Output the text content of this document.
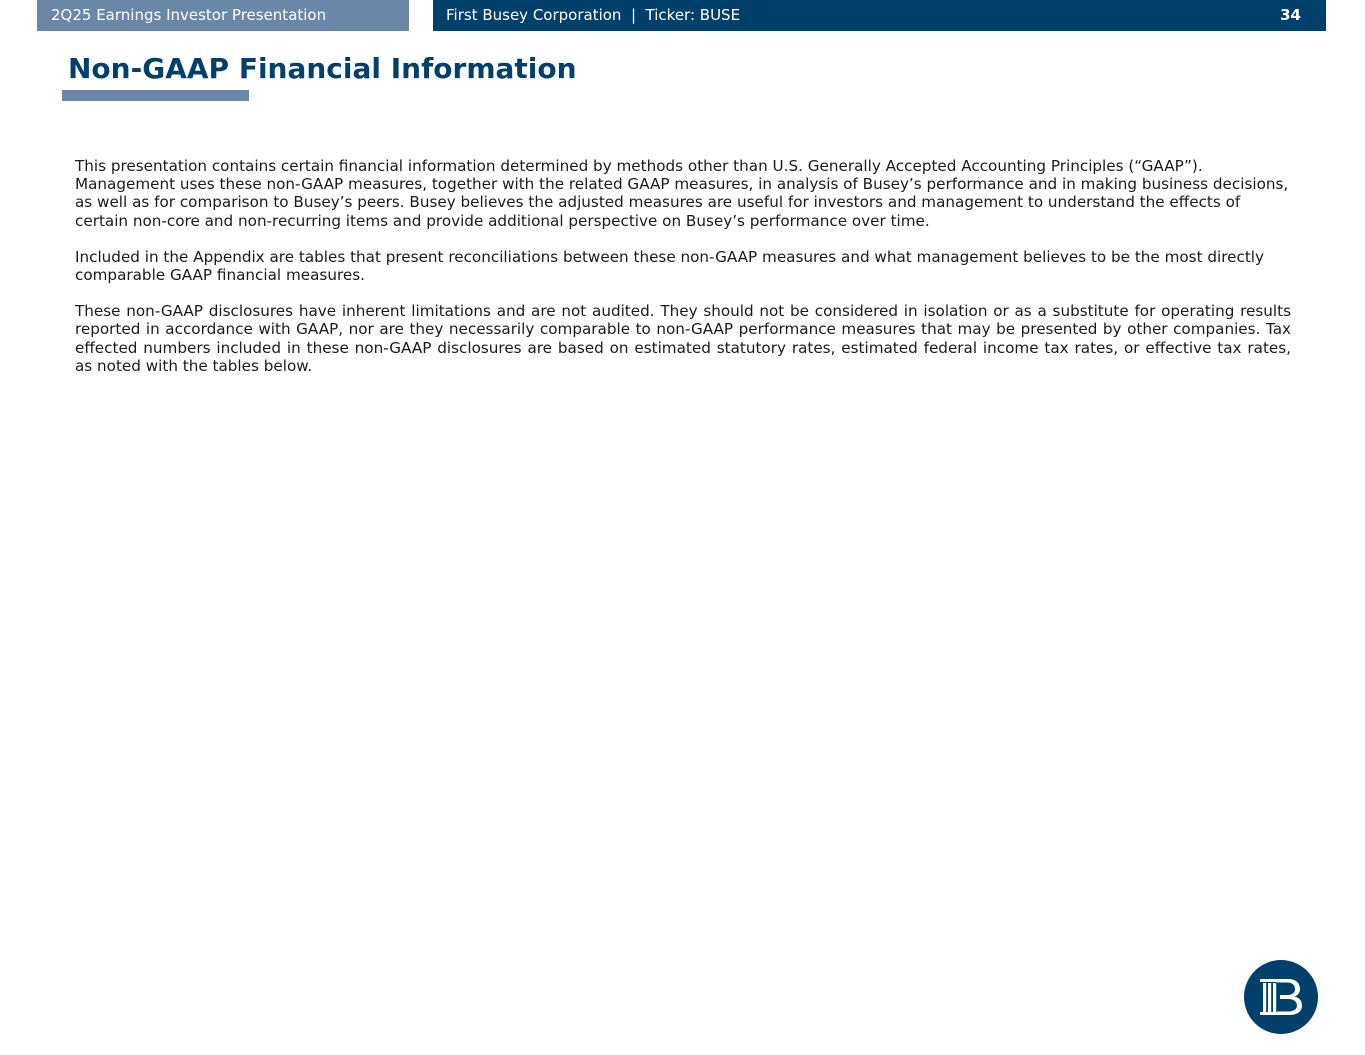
2Q25 Earnings Investor Presentation	First Busey Corporation  |  Ticker: BUSE	34
Non-GAAP Financial Information

This presentation contains certain financial information determined by methods other than U.S. Generally Accepted Accounting Principles (“GAAP”). Management uses these non-GAAP measures, together with the related GAAP measures, in analysis of Busey’s performance and in making business decisions, as well as for comparison to Busey’s peers. Busey believes the adjusted measures are useful for investors and management to understand the effects of certain non-core and non-recurring items and provide additional perspective on Busey’s performance over time.

Included in the Appendix are tables that present reconciliations between these non-GAAP measures and what management believes to be the most directly comparable GAAP financial measures.

These non-GAAP disclosures have inherent limitations and are not audited. They should not be considered in isolation or as a substitute for operating results reported in accordance with GAAP, nor are they necessarily comparable to non-GAAP performance measures that may be presented by other companies. Tax effected numbers included in these non-GAAP disclosures are based on estimated statutory rates, estimated federal income tax rates, or effective tax rates, as noted with the tables below.
